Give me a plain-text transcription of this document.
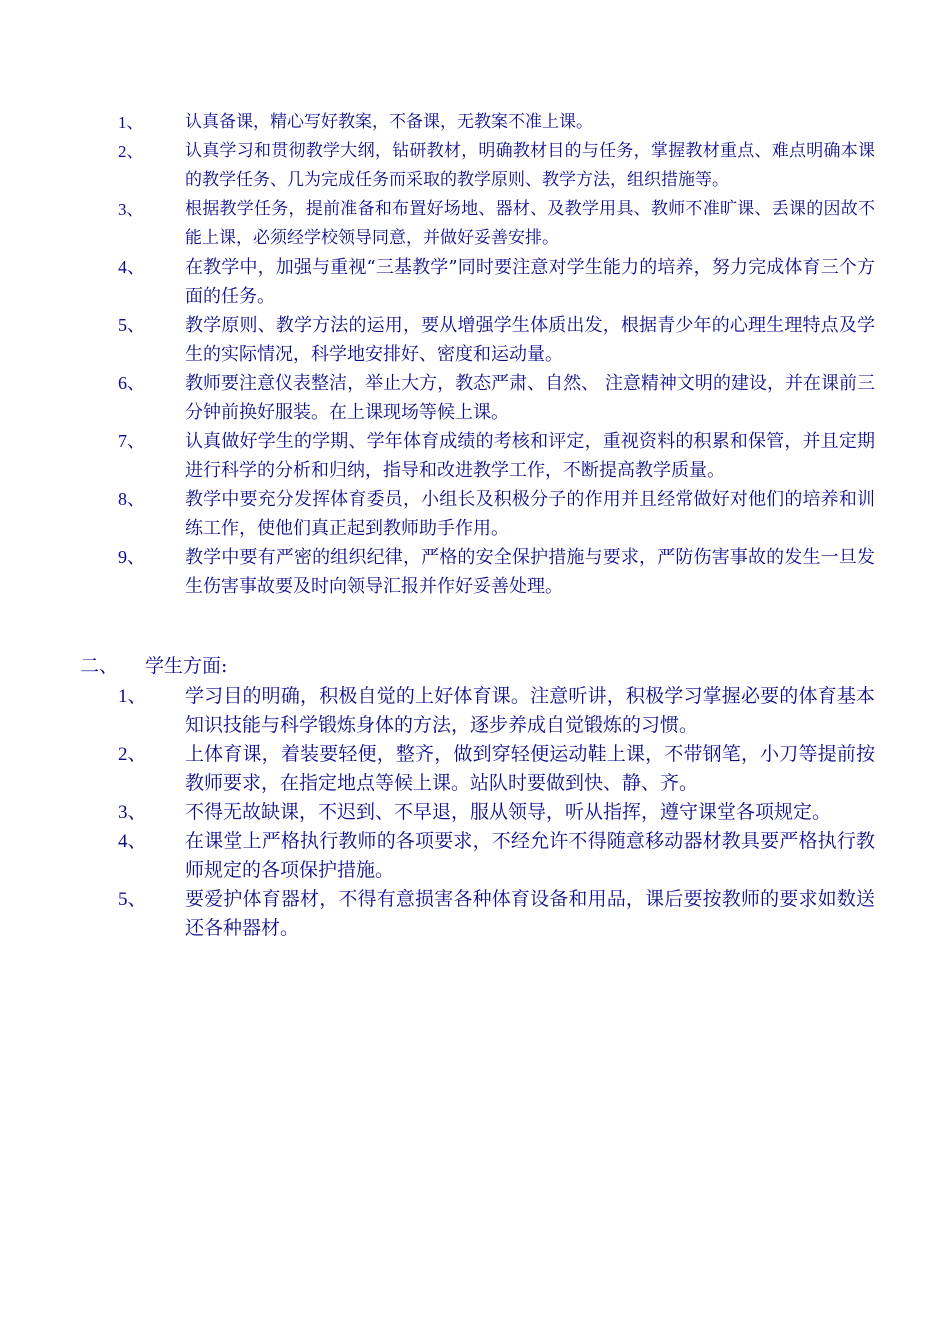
1、	认真备课，精心写好教案，不备课，无教案不准上课。
2、	认真学习和贯彻教学大纲，钻研教材，明确教材目的与任务，掌握教材重点、难点明确本课的教学任务、几为完成任务而采取的教学原则、教学方法，组织措施等。
3、	根据教学任务，提前准备和布置好场地、器材、及教学用具、教师不准旷课、丢课的因故不能上课，必须经学校领导同意，并做好妥善安排。
4、	在教学中，加强与重视“三基教学”同时要注意对学生能力的培养，努力完成体育三个方面的任务。
5、	教学原则、教学方法的运用，要从增强学生体质出发，根据青少年的心理生理特点及学生的实际情况，科学地安排好、密度和运动量。
6、	教师要注意仪表整洁，举止大方，教态严肃、自然、 注意精神文明的建设，并在课前三分钟前换好服装。在上课现场等候上课。
7、	认真做好学生的学期、学年体育成绩的考核和评定，重视资料的积累和保管，并且定期进行科学的分析和归纳，指导和改进教学工作，不断提高教学质量。
8、	教学中要充分发挥体育委员，小组长及积极分子的作用并且经常做好对他们的培养和训练工作，使他们真正起到教师助手作用。
9、	教学中要有严密的组织纪律，严格的安全保护措施与要求，严防伤害事故的发生一旦发生伤害事故要及时向领导汇报并作好妥善处理。
二、 学生方面:
1、	学习目的明确，积极自觉的上好体育课。注意听讲，积极学习掌握必要的体育基本知识技能与科学锻炼身体的方法，逐步养成自觉锻炼的习惯。
2、	上体育课，着装要轻便，整齐，做到穿轻便运动鞋上课，不带钢笔，小刀等提前按教师要求，在指定地点等候上课。站队时要做到快、静、齐。
3、	不得无故缺课，不迟到、不早退，服从领导，听从指挥，遵守课堂各项规定。
4、	在课堂上严格执行教师的各项要求，不经允许不得随意移动器材教具要严格执行教师规定的各项保护措施。
5、	要爱护体育器材，不得有意损害各种体育设备和用品，课后要按教师的要求如数送还各种器材。
